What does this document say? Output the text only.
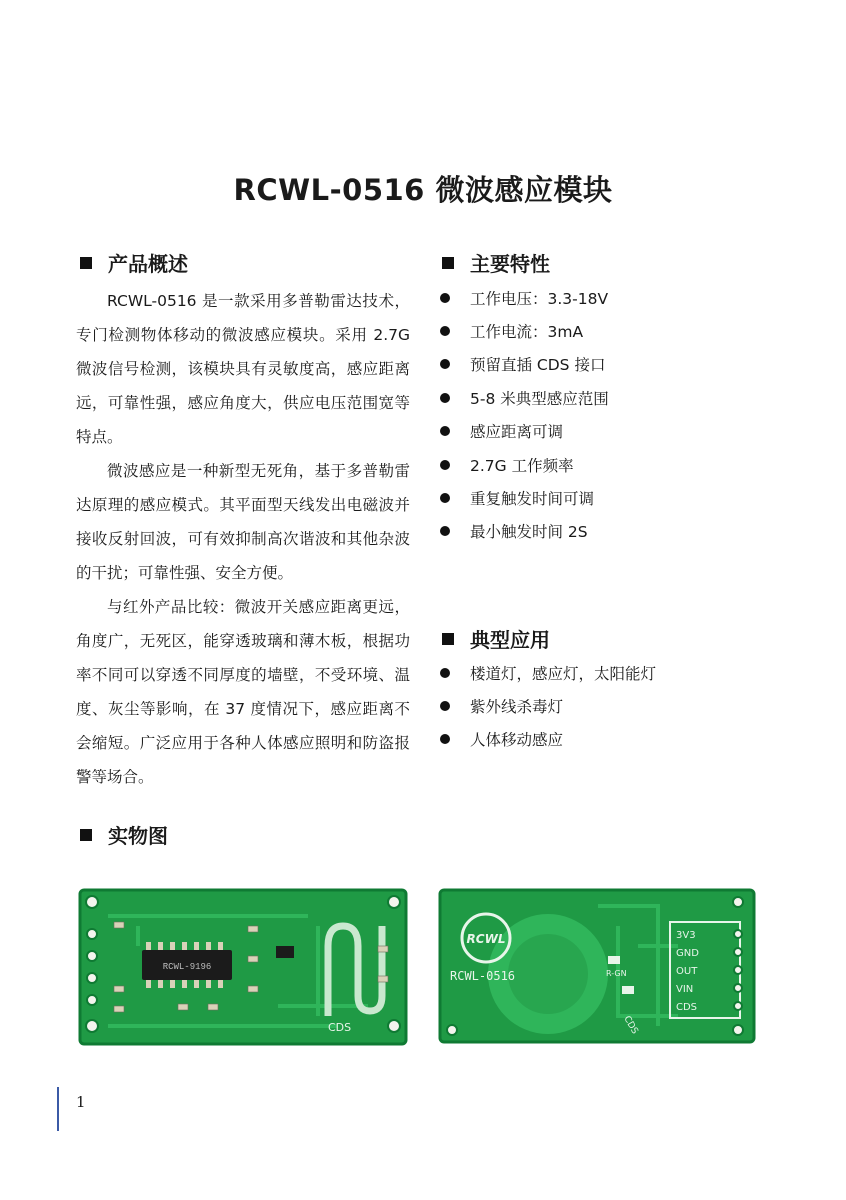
RCWL-0516 微波感应模块
产品概述

RCWL-0516 是一款采用多普勒雷达技术，专门检测物体移动的微波感应模块。采用 2.7G 微波信号检测，该模块具有灵敏度高，感应距离远，可靠性强，感应角度大，供应电压范围宽等特点。

微波感应是一种新型无死角，基于多普勒雷达原理的感应模式。其平面型天线发出电磁波并接收反射回波，可有效抑制高次谐波和其他杂波的干扰；可靠性强、安全方便。

与红外产品比较：微波开关感应距离更远，角度广，无死区，能穿透玻璃和薄木板，根据功率不同可以穿透不同厚度的墙壁，不受环境、温度、灰尘等影响，在 37 度情况下，感应距离不会缩短。广泛应用于各种人体感应照明和防盗报警等场合。

主要特性
工作电压：3.3-18V
工作电流：3mA
预留直插 CDS 接口
5-8 米典型感应范围
感应距离可调
2.7G 工作频率
重复触发时间可调
最小触发时间 2S
典型应用
楼道灯，感应灯，太阳能灯
紫外线杀毒灯
人体移动感应
实物图
RCWL-9196
CDS
RCWL
RCWL-0516
3V3
GND
OUT
VIN
CDS
R-GN
CDS
1
